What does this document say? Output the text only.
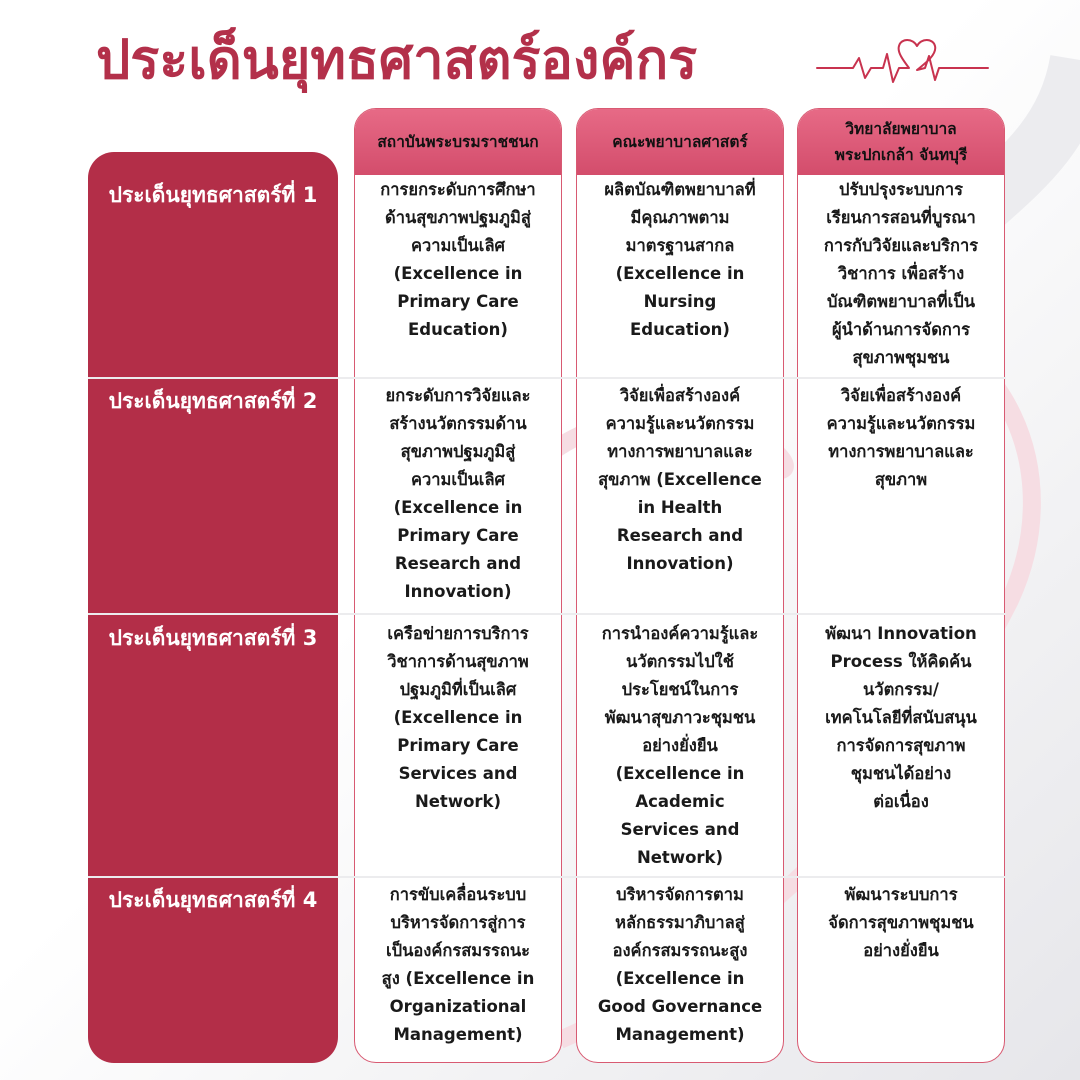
ประเด็นยุทธศาสตร์องค์กร
ประเด็นยุทธศาสตร์ที่ 1
ประเด็นยุทธศาสตร์ที่ 2
ประเด็นยุทธศาสตร์ที่ 3
ประเด็นยุทธศาสตร์ที่ 4
สถาบันพระบรมราชชนก	คณะพยาบาลศาสตร์
วิทยาลัยพยาบาล
พระปกเกล้า จันทบุรี
การยกระดับการศึกษา
ด้านสุขภาพปฐมภูมิสู่
ความเป็นเลิศ
(Excellence in
Primary Care
Education)
ผลิตบัณฑิตพยาบาลที่
มีคุณภาพตาม
มาตรฐานสากล
(Excellence in
Nursing
Education)
ปรับปรุงระบบการ
เรียนการสอนที่บูรณา
การกับวิจัยและบริการ
วิชาการ เพื่อสร้าง
บัณฑิตพยาบาลที่เป็น
ผู้นำด้านการจัดการ
สุขภาพชุมชน
ยกระดับการวิจัยและ
สร้างนวัตกรรมด้าน
สุขภาพปฐมภูมิสู่
ความเป็นเลิศ
(Excellence in
Primary Care
Research and
Innovation)
วิจัยเพื่อสร้างองค์
ความรู้และนวัตกรรม
ทางการพยาบาลและ
สุขภาพ (Excellence
in Health
Research and
Innovation)
วิจัยเพื่อสร้างองค์
ความรู้และนวัตกรรม
ทางการพยาบาลและ
สุขภาพ
เครือข่ายการบริการ
วิชาการด้านสุขภาพ
ปฐมภูมิที่เป็นเลิศ
(Excellence in
Primary Care
Services and
Network)
การนำองค์ความรู้และ
นวัตกรรมไปใช้
ประโยชน์ในการ
พัฒนาสุขภาวะชุมชน
อย่างยั่งยืน
(Excellence in
Academic
Services and
Network)
พัฒนา Innovation
Process ให้คิดค้น
นวัตกรรม/
เทคโนโลยีที่สนับสนุน
การจัดการสุขภาพ
ชุมชนได้อย่าง
ต่อเนื่อง
การขับเคลื่อนระบบ
บริหารจัดการสู่การ
เป็นองค์กรสมรรถนะ
สูง (Excellence in
Organizational
Management)
บริหารจัดการตาม
หลักธรรมาภิบาลสู่
องค์กรสมรรถนะสูง
(Excellence in
Good Governance
Management)
พัฒนาระบบการ
จัดการสุขภาพชุมชน
อย่างยั่งยืน
